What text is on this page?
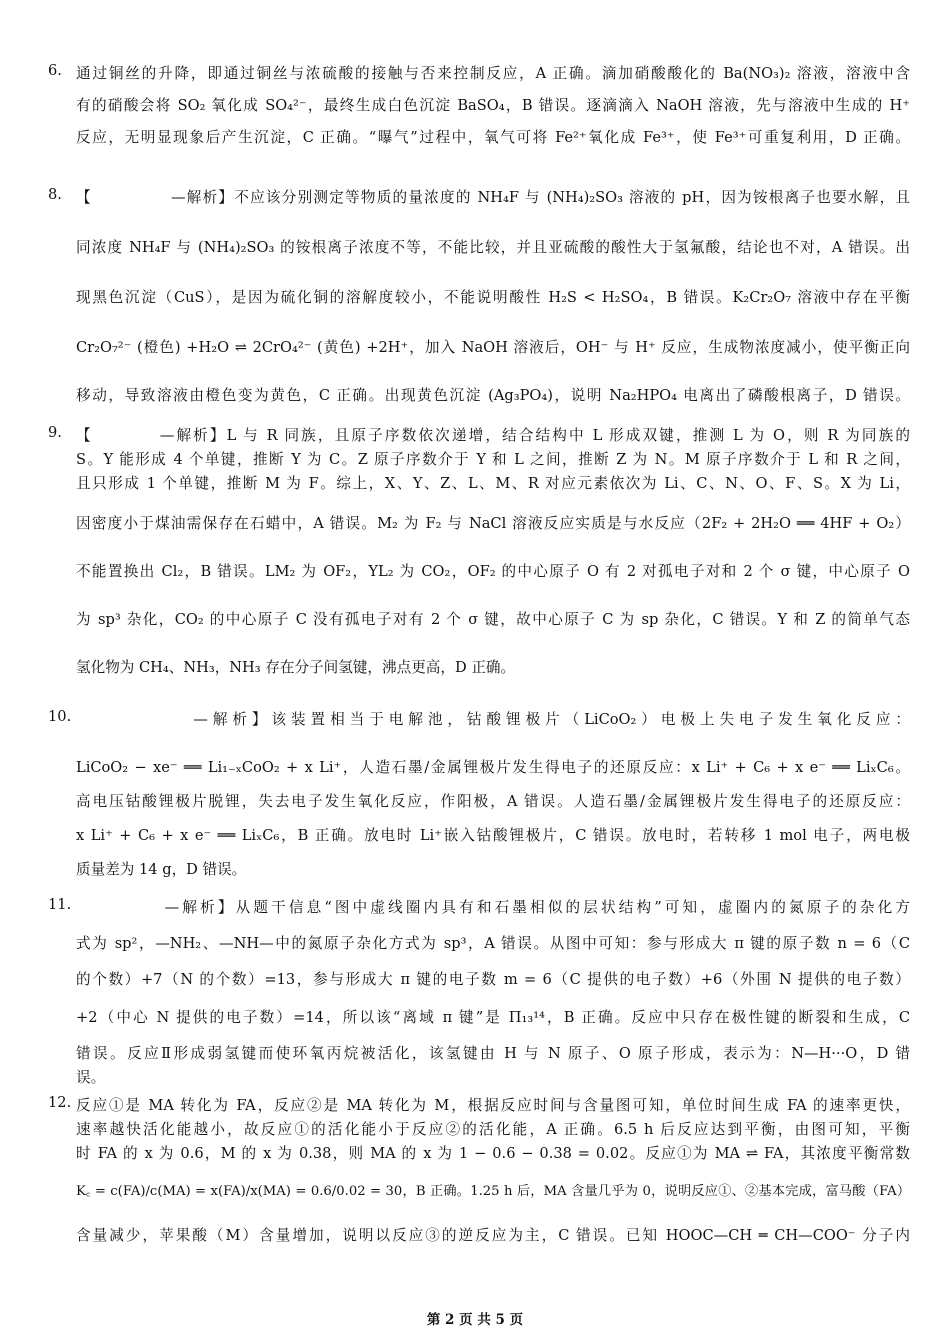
6. 通过铜丝的升降，即通过铜丝与浓硫酸的接触与否来控制反应，A 正确。滴加硝酸酸化的 Ba(NO₃)₂ 溶液，溶液中含
有的硝酸会将 SO₂ 氧化成 SO₄²⁻，最终生成白色沉淀 BaSO₄，B 错误。逐滴滴入 NaOH 溶液，先与溶液中生成的 H⁺
反应，无明显现象后产生沉淀，C 正确。“曝气”过程中，氧气可将 Fe²⁺氧化成 Fe³⁺，使 Fe³⁺可重复利用，D 正确。
8. 【　　　　　—解析】不应该分别测定等物质的量浓度的 NH₄F 与 (NH₄)₂SO₃ 溶液的 pH，因为铵根离子也要水解，且
同浓度 NH₄F 与 (NH₄)₂SO₃ 的铵根离子浓度不等，不能比较，并且亚硫酸的酸性大于氢氟酸，结论也不对，A 错误。出
现黑色沉淀（CuS），是因为硫化铜的溶解度较小，不能说明酸性 H₂S < H₂SO₄，B 错误。K₂Cr₂O₇ 溶液中存在平衡
Cr₂O₇²⁻ (橙色) +H₂O ⇌ 2CrO₄²⁻ (黄色) +2H⁺，加入 NaOH 溶液后，OH⁻ 与 H⁺ 反应，生成物浓度减小，使平衡正向
移动，导致溶液由橙色变为黄色，C 正确。出现黄色沉淀 (Ag₃PO₄)，说明 Na₂HPO₄ 电离出了磷酸根离子，D 错误。
9. 【　　　　—解析】L 与 R 同族，且原子序数依次递增，结合结构中 L 形成双键，推测 L 为 O，则 R 为同族的
S。Y 能形成 4 个单键，推断 Y 为 C。Z 原子序数介于 Y 和 L 之间，推断 Z 为 N。M 原子序数介于 L 和 R 之间，
且只形成 1 个单键，推断 M 为 F。综上，X、Y、Z、L、M、R 对应元素依次为 Li、C、N、O、F、S。X 为 Li，
因密度小于煤油需保存在石蜡中，A 错误。M₂ 为 F₂ 与 NaCl 溶液反应实质是与水反应（2F₂ + 2H₂O ══ 4HF + O₂）
不能置换出 Cl₂，B 错误。LM₂ 为 OF₂，YL₂ 为 CO₂，OF₂ 的中心原子 O 有 2 对孤电子对和 2 个 σ 键，中心原子 O
为 sp³ 杂化，CO₂ 的中心原子 C 没有孤电子对有 2 个 σ 键，故中心原子 C 为 sp 杂化，C 错误。Y 和 Z 的简单气态
氢化物为 CH₄、NH₃，NH₃ 存在分子间氢键，沸点更高，D 正确。
10. 　　　　　　—解析】该装置相当于电解池，钴酸锂极片（LiCoO₂）电极上失电子发生氧化反应：
LiCoO₂ − xe⁻ ══ Li₁₋ₓCoO₂ + x Li⁺，人造石墨/金属锂极片发生得电子的还原反应：x Li⁺ + C₆ + x e⁻ ══ LiₓC₆。
高电压钴酸锂极片脱锂，失去电子发生氧化反应，作阳极，A 错误。人造石墨/金属锂极片发生得电子的还原反应：
x Li⁺ + C₆ + x e⁻ ══ LiₓC₆，B 正确。放电时 Li⁺嵌入钴酸锂极片，C 错误。放电时，若转移 1 mol 电子，两电极
质量差为 14 g，D 错误。
11. 　　　　　—解析】从题干信息“图中虚线圈内具有和石墨相似的层状结构”可知，虚圈内的氮原子的杂化方
式为 sp²，—NH₂、—NH—中的氮原子杂化方式为 sp³，A 错误。从图中可知：参与形成大 π 键的原子数 n = 6（C
的个数）+7（N 的个数）=13，参与形成大 π 键的电子数 m = 6（C 提供的电子数）+6（外围 N 提供的电子数）
+2（中心 N 提供的电子数）=14，所以该“离域 π 键”是 Π₁₃¹⁴，B 正确。反应中只存在极性键的断裂和生成，C
错误。反应Ⅱ形成弱氢键而使环氧丙烷被活化，该氢键由 H 与 N 原子、O 原子形成，表示为：N—H···O，D 错
误。
12. 反应①是 MA 转化为 FA，反应②是 MA 转化为 M，根据反应时间与含量图可知，单位时间生成 FA 的速率更快，
速率越快活化能越小，故反应①的活化能小于反应②的活化能，A 正确。6.5 h 后反应达到平衡，由图可知，平衡
时 FA 的 x 为 0.6，M 的 x 为 0.38，则 MA 的 x 为 1 − 0.6 − 0.38 = 0.02。反应①为 MA ⇌ FA，其浓度平衡常数
K꜀ = c(FA)/c(MA) = x(FA)/x(MA) = 0.6/0.02 = 30，B 正确。1.25 h 后，MA 含量几乎为 0，说明反应①、②基本完成，富马酸（FA）
含量减少，苹果酸（M）含量增加，说明以反应③的逆反应为主，C 错误。已知 HOOC—CH ═ CH—COO⁻ 分子内
第 2 页 共 5 页
